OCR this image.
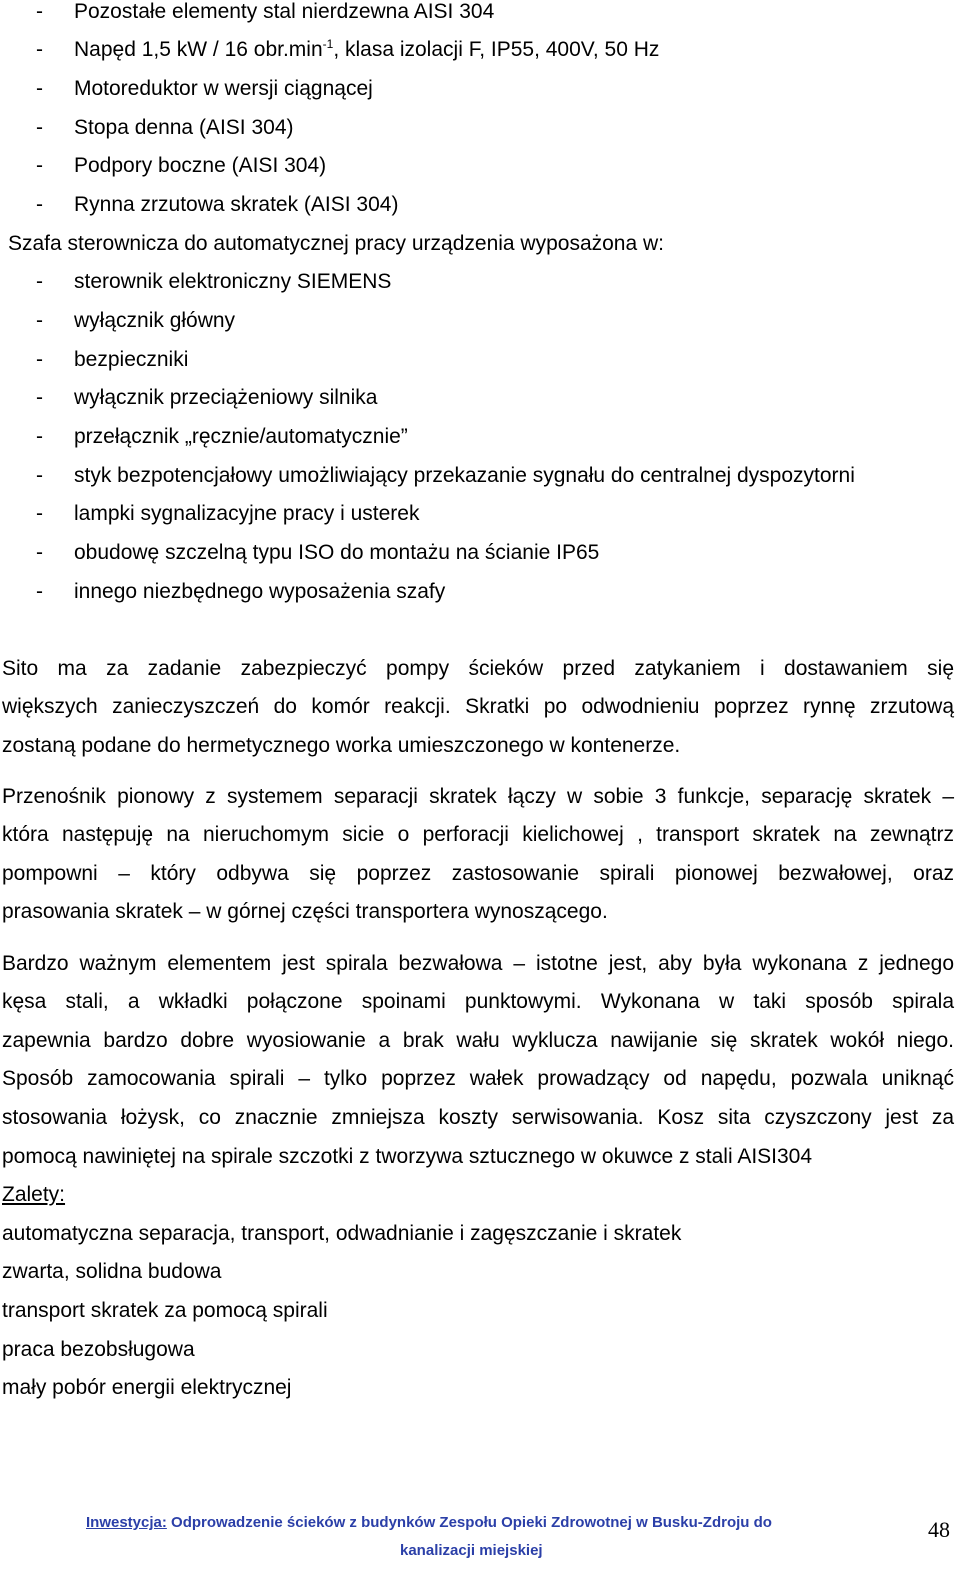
- Pozostałe elementy stal nierdzewna AISI 304
- Napęd 1,5 kW / 16 $obr.\min^{-1}$, klasa izolacji F, IP55, 400V, 50 Hz
- Motoreduktor w wersji ciągnącej
- Stopa denna (AISI 304)
- Podpory boczne (AISI 304)
- Rynna zrzutowa skratek (AISI 304)
Szafa sterownicza do automatycznej pracy urządzenia wyposażona w:
- sterownik elektroniczny SIEMENS
- wyłącznik główny
- bezpieczniki
- wyłącznik przeciążeniowy silnika
- przełącznik „ręcznie/automatycznie”
- styk bezpotencjałowy umożliwiający przekazanie sygnału do centralnej dyspozytorni
- lampki sygnalizacyjne pracy i usterek
- obudowę szczelną typu ISO do montażu na ścianie IP65
- innego niezbędnego wyposażenia szafy
Sito ma za zadanie zabezpieczyć pompy ścieków przed zatykaniem i dostawaniem się
większych zanieczyszczeń do komór reakcji. Skratki po odwodnieniu poprzez rynnę zrzutową
zostaną podane do hermetycznego worka umieszczonego w kontenerze.
Przenośnik pionowy z systemem separacji skratek łączy w sobie 3 funkcje, separację skratek –
która następuję na nieruchomym sicie o perforacji kielichowej , transport skratek na zewnątrz
pompowni – który odbywa się poprzez zastosowanie spirali pionowej bezwałowej, oraz
prasowania skratek – w górnej części transportera wynoszącego.
Bardzo ważnym elementem jest spirala bezwałowa – istotne jest, aby była wykonana z jednego
kęsa stali, a wkładki połączone spoinami punktowymi. Wykonana w taki sposób spirala
zapewnia bardzo dobre wyosiowanie a brak wału wyklucza nawijanie się skratek wokół niego.
Sposób zamocowania spirali – tylko poprzez wałek prowadzący od napędu, pozwala uniknąć
stosowania łożysk, co znacznie zmniejsza koszty serwisowania. Kosz sita czyszczony jest za
pomocą nawiniętej na spirale szczotki z tworzywa sztucznego w okuwce z stali AISI304
Zalety:
automatyczna separacja, transport, odwadnianie i zagęszczanie i skratek
zwarta, solidna budowa
transport skratek za pomocą spirali
praca bezobsługowa
mały pobór energii elektrycznej
Inwestycja: Odprowadzenie ścieków z budynków Zespołu Opieki Zdrowotnej w Busku-Zdroju do
kanalizacji miejskiej
48
